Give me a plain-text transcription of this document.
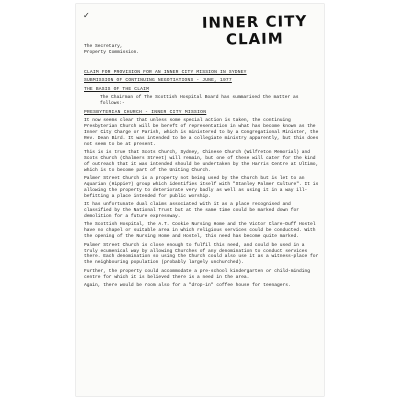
✓	INNER CITY
CLAIM
The Secretary,
Property Commission.

CLAIM FOR PROVISION FOR AN INNER CITY MISSION IN SYDNEY

SUBMISSION OF CONTINUING NEGOTIATIONS - JUNE, 1977

THE BASIS OF THE CLAIM

The Chairman of The Scottish Hospital Board has summarised the matter as follows:-

PRESBYTERIAN CHURCH - INNER CITY MISSION

It now seems clear that unless some special action is taken, the continuing Presbyterian Church will be bereft of representation in what has become known as the Inner City Charge or Parish, which is ministered to by a Congregational Minister, the Rev. Dean Bird. It was intended to be a collegiate ministry apparently, but this does not seem to be at present.

This is is true that Scots Church, Sydney, Chinese Church (Wilfreton Memorial) and Scots Church (Chalmers Street) will remain, but one of these will cater for the kind of outreach that it was intended should be undertaken by the Harris Centre at Ultimo, which is to become part of the Uniting Church.

Palmer Street Church is a property not being used by the Church but is let to an Aquarian (Hippie?) group which identifies itself with "Stanley Palmer Culture". It is allowing the property to deteriorate very badly as well as using it in a way ill-befitting a place intended for public worship.

It has unfortunate dual claims associated with it as a place recognised and classified by the National Trust but at the same time could be marked down for demolition for a future expressway.

The Scottish Hospital, the A.T. Cookie Nursing Home and the Victor Clare-Duff Hostel have no chapel or suitable area in which religious services could be conducted. With the opening of the Nursing Home and Hostel, this need has become quite marked.

Palmer Street Church is close enough to fulfil this need, and could be used in a truly ecumenical way by allowing Churches of any denomination to conduct services there. Each denomination so using the Church could also use it as a witness-place for the neighbouring population (probably largely unchurched).

Further, the property could accommodate a pre-school kindergarten or child-minding centre for which it is believed there is a need in the area.

Again, there would be room also for a "drop-in" coffee house for teenagers.
